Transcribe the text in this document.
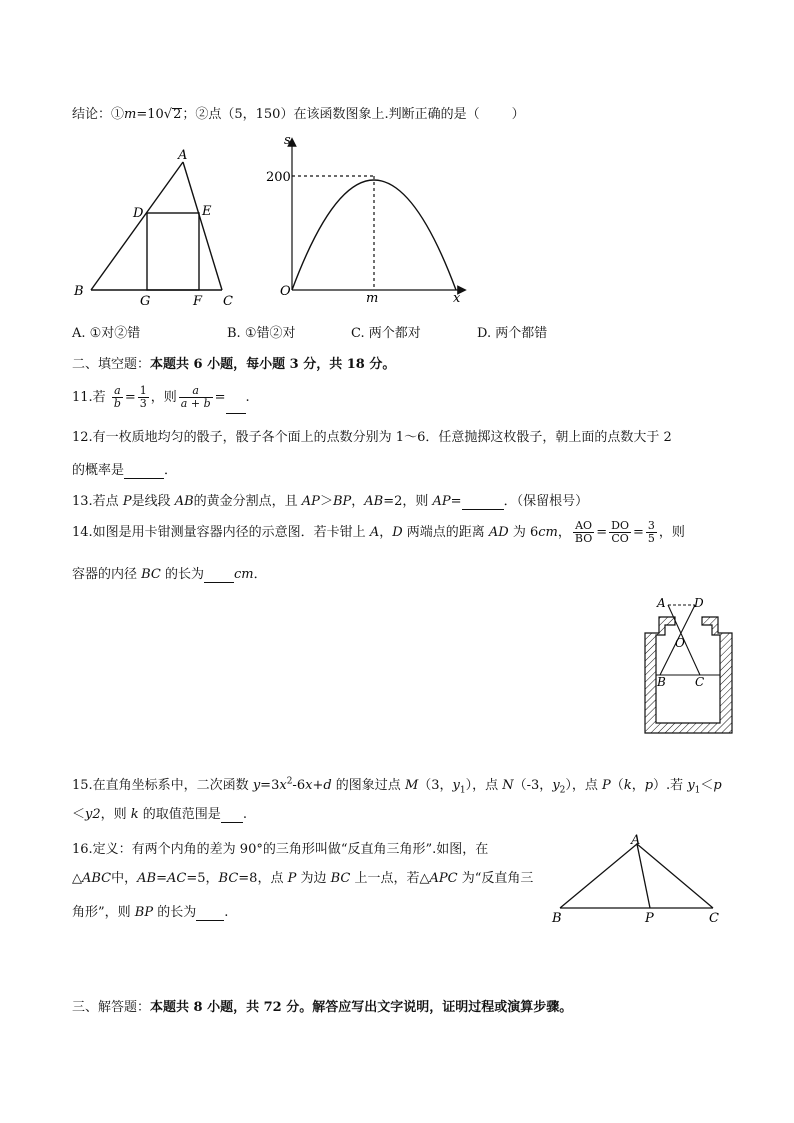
结论：①m=10√2；②点（5，150）在该函数图象上.判断正确的是（ ）
A
B
C
D	E
F
G
s
x
O
200
m
A. ①对②错	B. ①错②对	C. 两个都对	D. 两个都错
二、填空题：本题共 6 小题，每小题 3 分，共 18 分。
11.若 $\frac{a}{b} = \frac{1}{3}$ ，则 $\frac{a}{a + b}$ = .
12.有一枚质地均匀的骰子，骰子各个面上的点数分别为 1～6．任意抛掷这枚骰子，朝上面的点数大于 2
的概率是	．
13.若点 P是线段 AB的黄金分割点，且 AP＞BP，AB=2，则 AP=	．（保留根号）
14.如图是用卡钳测量容器内径的示意图．若卡钳上 A，D 两端点的距离 AD 为 6cm， $\frac{AO}{BO} = \frac{DO}{CO} = \frac{3}{5}$ ，则
容器的内径 BC 的长为 cm．
A D
O
B C
15.在直角坐标系中，二次函数 $y=3x^2-6x+d$ 的图象过点 M（3，$y_1$），点 N（-3，$y_2$），点 P（k，p）.若 $y_1<p$
＜y2，则 k 的取值范围是 .
16.定义：有两个内角的差为 90°的三角形叫做“反直角三角形”.如图，在
△ABC中，AB=AC=5，BC=8，点 P 为边 BC 上一点，若△APC 为“反直角三
角形”，则 BP 的长为 .
A
B	P	C
三、解答题：本题共 8 小题，共 72 分。解答应写出文字说明，证明过程或演算步骤。
